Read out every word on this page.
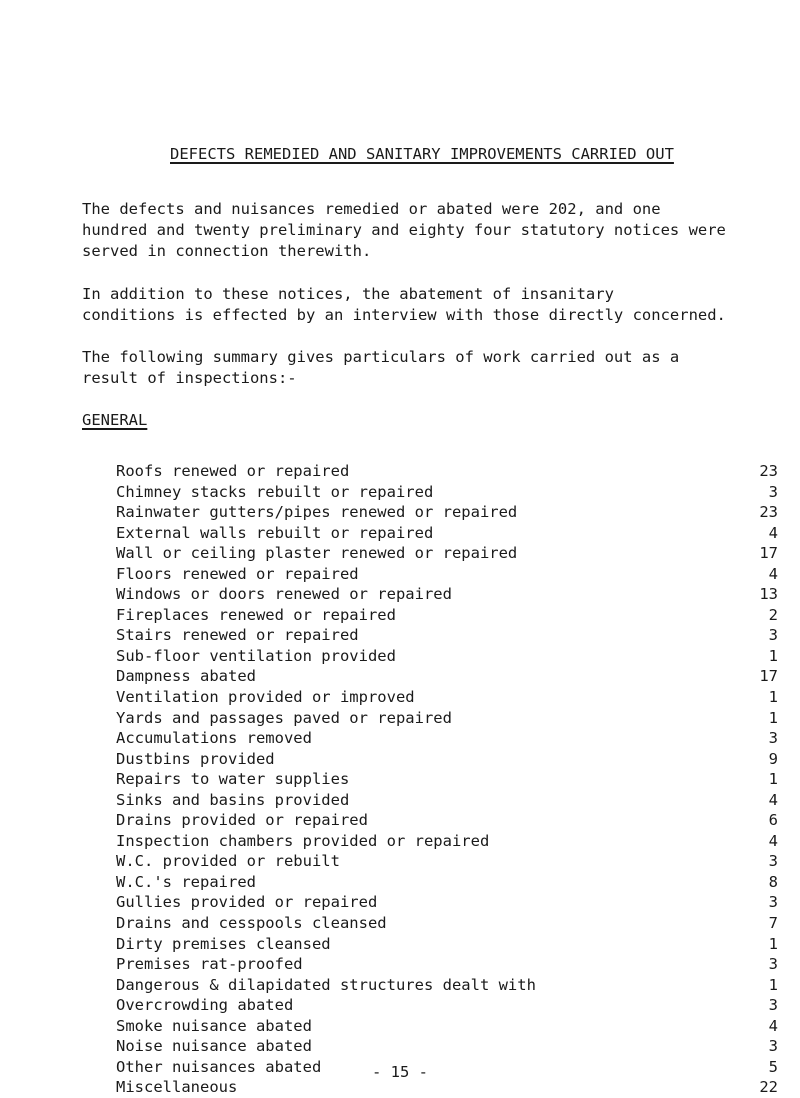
DEFECTS REMEDIED AND SANITARY IMPROVEMENTS CARRIED OUT

The defects and nuisances remedied or abated were 202, and one
hundred and twenty preliminary and eighty four statutory notices were
served in connection therewith.

In addition to these notices, the abatement of insanitary
conditions is effected by an interview with those directly concerned.

The following summary gives particulars of work carried out as a
result of inspections:-

GENERAL
Roofs renewed or repaired	23
Chimney stacks rebuilt or repaired	3
Rainwater gutters/pipes renewed or repaired	23
External walls rebuilt or repaired	4
Wall or ceiling plaster renewed or repaired	17
Floors renewed or repaired	4
Windows or doors renewed or repaired	13
Fireplaces renewed or repaired	2
Stairs renewed or repaired	3
Sub-floor ventilation provided	1
Dampness abated	17
Ventilation provided or improved	1
Yards and passages paved or repaired	1
Accumulations removed	3
Dustbins provided	9
Repairs to water supplies	1
Sinks and basins provided	4
Drains provided or repaired	6
Inspection chambers provided or repaired	4
W.C. provided or rebuilt	3
W.C.'s repaired	8
Gullies provided or repaired	3
Drains and cesspools cleansed	7
Dirty premises cleansed	1
Premises rat-proofed	3
Dangerous & dilapidated structures dealt with	1
Overcrowding abated	3
Smoke nuisance abated	4
Noise nuisance abated	3
Other nuisances abated	5
Miscellaneous	22
- 15 -
